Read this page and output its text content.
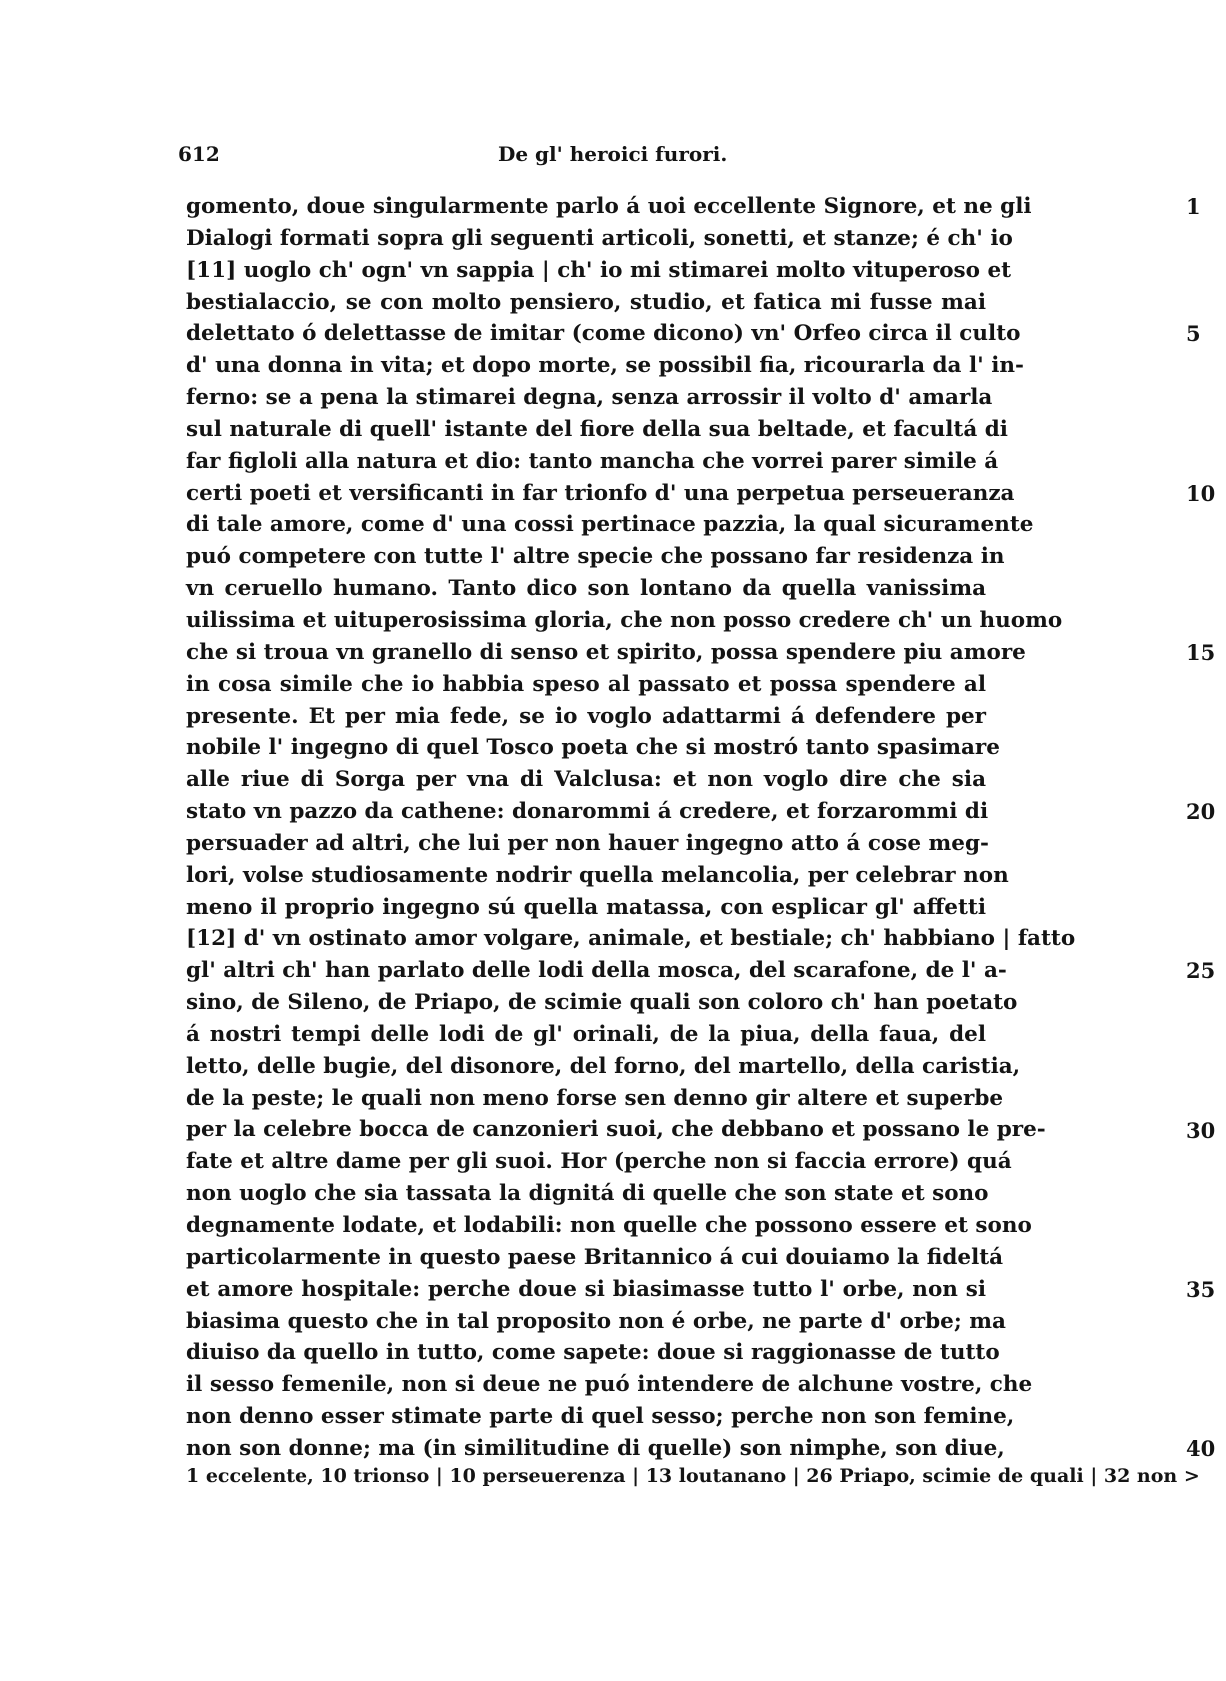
612	De gl' heroici furori.
gomento, doue singularmente parlo á uoi eccellente Signore, et ne gli
Dialogi formati sopra gli seguenti articoli, sonetti, et stanze; é ch' io
[11] uoglo ch' ogn' vn sappia | ch' io mi stimarei molto vituperoso et
bestialaccio, se con molto pensiero, studio, et fatica mi fusse mai
delettato ó delettasse de imitar (come dicono) vn' Orfeo circa il culto
d' una donna in vita; et dopo morte, se possibil fia, ricourarla da l' in-
ferno: se a pena la stimarei degna, senza arrossir il volto d' amarla
sul naturale di quell' istante del fiore della sua beltade, et facultá di
far figloli alla natura et dio: tanto mancha che vorrei parer simile á
certi poeti et versificanti in far trionfo d' una perpetua perseueranza
di tale amore, come d' una cossi pertinace pazzia, la qual sicuramente
puó competere con tutte l' altre specie che possano far residenza in
vn ceruello humano. Tanto dico son lontano da quella vanissima
uilissima et uituperosissima gloria, che non posso credere ch' un huomo
che si troua vn granello di senso et spirito, possa spendere piu amore
in cosa simile che io habbia speso al passato et possa spendere al
presente. Et per mia fede, se io voglo adattarmi á defendere per
nobile l' ingegno di quel Tosco poeta che si mostró tanto spasimare
alle riue di Sorga per vna di Valclusa: et non voglo dire che sia
stato vn pazzo da cathene: donarommi á credere, et forzarommi di
persuader ad altri, che lui per non hauer ingegno atto á cose meg-
lori, volse studiosamente nodrir quella melancolia, per celebrar non
meno il proprio ingegno sú quella matassa, con esplicar gl' affetti
[12] d' vn ostinato amor volgare, animale, et bestiale; ch' habbiano | fatto
gl' altri ch' han parlato delle lodi della mosca, del scarafone, de l' a-
sino, de Sileno, de Priapo, de scimie quali son coloro ch' han poetato
á nostri tempi delle lodi de gl' orinali, de la piua, della faua, del
letto, delle bugie, del disonore, del forno, del martello, della caristia,
de la peste; le quali non meno forse sen denno gir altere et superbe
per la celebre bocca de canzonieri suoi, che debbano et possano le pre-
fate et altre dame per gli suoi. Hor (perche non si faccia errore) quá
non uoglo che sia tassata la dignitá di quelle che son state et sono
degnamente lodate, et lodabili: non quelle che possono essere et sono
particolarmente in questo paese Britannico á cui douiamo la fideltá
et amore hospitale: perche doue si biasimasse tutto l' orbe, non si
biasima questo che in tal proposito non é orbe, ne parte d' orbe; ma
diuiso da quello in tutto, come sapete: doue si raggionasse de tutto
il sesso femenile, non si deue ne puó intendere de alchune vostre, che
non denno esser stimate parte di quel sesso; perche non son femine,
non son donne; ma (in similitudine di quelle) son nimphe, son diue,
1
5
10
15
20
25
30
35
40
1 eccelente, 10 trionso | 10 perseuerenza | 13 loutanano | 26 Priapo, scimie de quali | 32 non >
